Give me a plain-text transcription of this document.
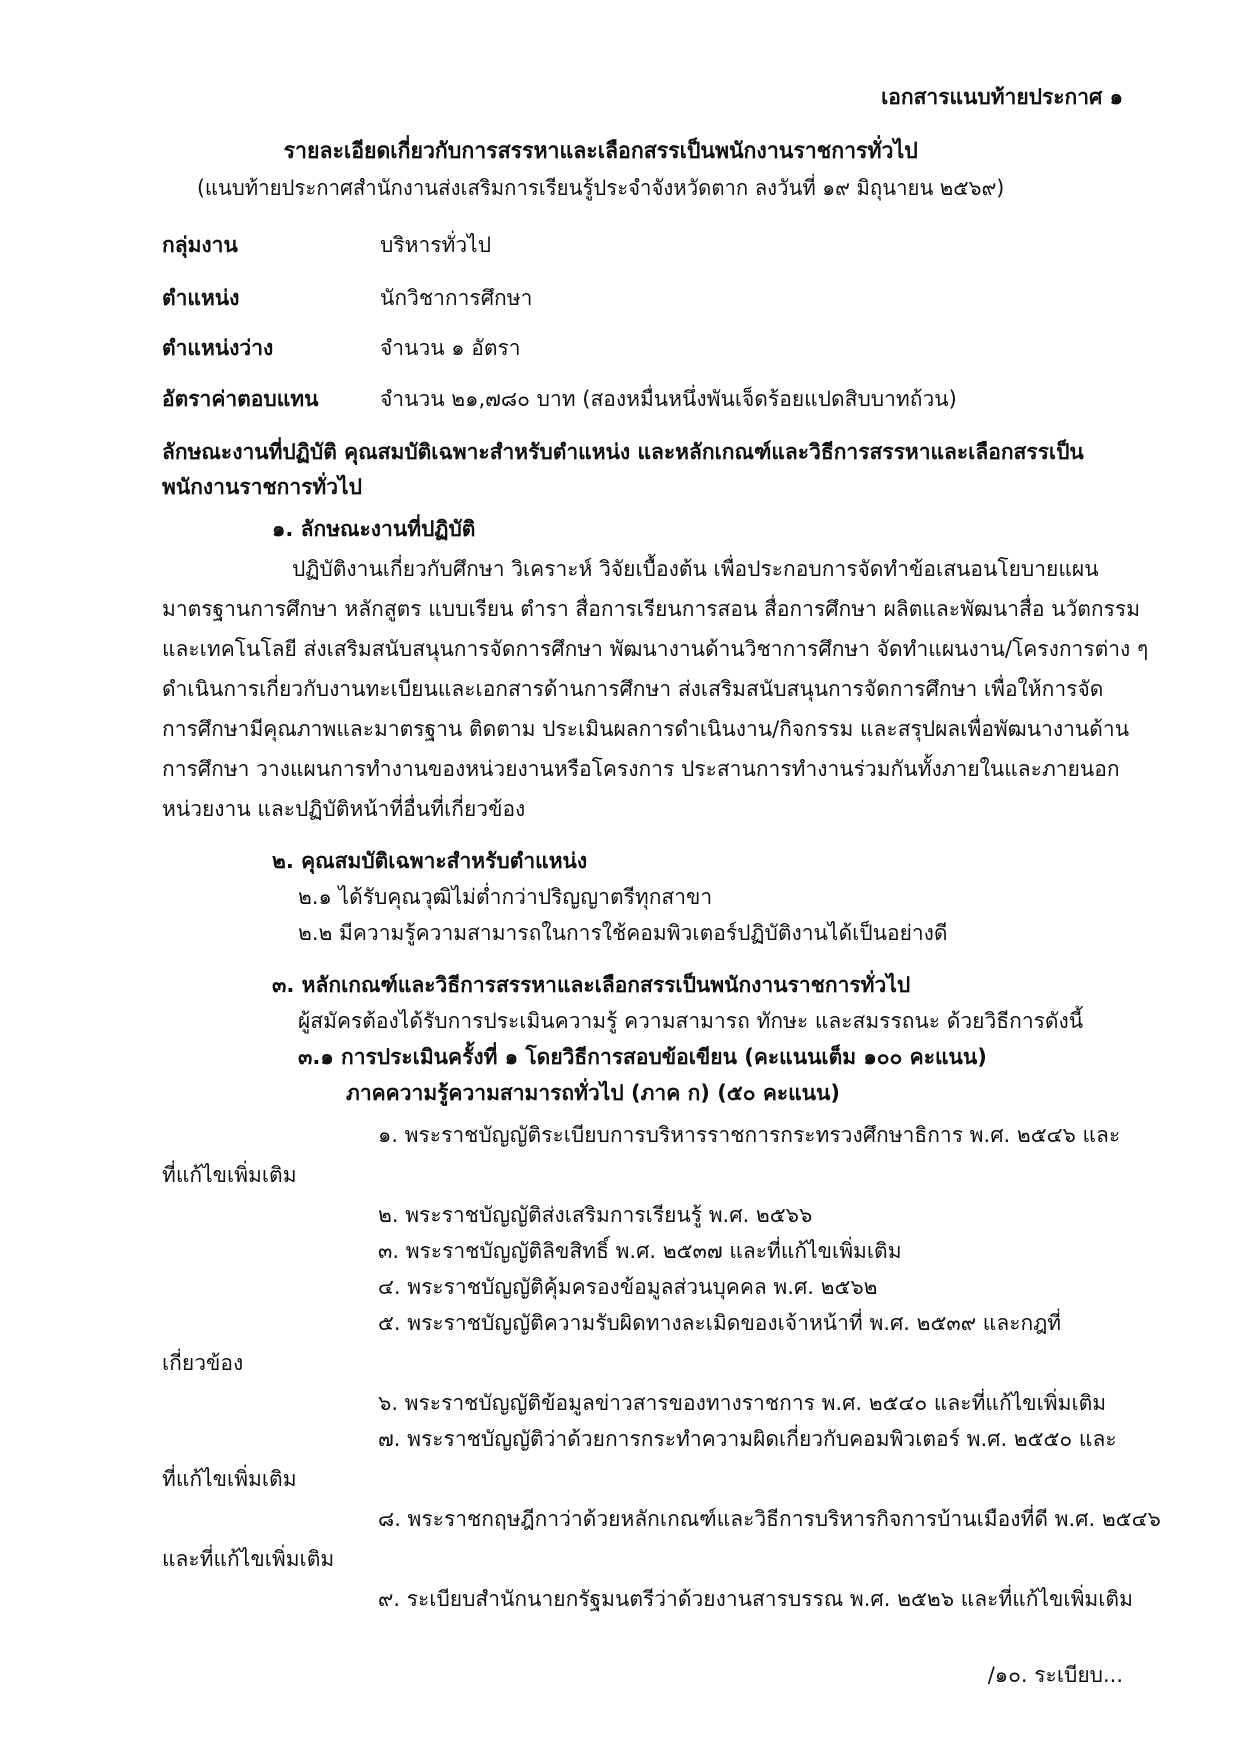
เอกสารแนบท้ายประกาศ ๑
รายละเอียดเกี่ยวกับการสรรหาและเลือกสรรเป็นพนักงานราชการทั่วไป
(แนบท้ายประกาศสำนักงานส่งเสริมการเรียนรู้ประจำจังหวัดตาก ลงวันที่ ๑๙ มิถุนายน ๒๕๖๙)
กลุ่มงาน	บริหารทั่วไป
ตำแหน่ง	นักวิชาการศึกษา
ตำแหน่งว่าง	จำนวน ๑ อัตรา
อัตราค่าตอบแทน	จำนวน ๒๑,๗๘๐ บาท (สองหมื่นหนึ่งพันเจ็ดร้อยแปดสิบบาทถ้วน)
ลักษณะงานที่ปฏิบัติ คุณสมบัติเฉพาะสำหรับตำแหน่ง และหลักเกณฑ์และวิธีการสรรหาและเลือกสรรเป็น
พนักงานราชการทั่วไป
๑. ลักษณะงานที่ปฏิบัติ
ปฏิบัติงานเกี่ยวกับศึกษา วิเคราะห์ วิจัยเบื้องต้น เพื่อประกอบการจัดทำข้อเสนอนโยบายแผน
มาตรฐานการศึกษา หลักสูตร แบบเรียน ตำรา สื่อการเรียนการสอน สื่อการศึกษา ผลิตและพัฒนาสื่อ นวัตกรรม
และเทคโนโลยี ส่งเสริมสนับสนุนการจัดการศึกษา พัฒนางานด้านวิชาการศึกษา จัดทำแผนงาน/โครงการต่าง ๆ
ดำเนินการเกี่ยวกับงานทะเบียนและเอกสารด้านการศึกษา ส่งเสริมสนับสนุนการจัดการศึกษา เพื่อให้การจัด
การศึกษามีคุณภาพและมาตรฐาน ติดตาม ประเมินผลการดำเนินงาน/กิจกรรม และสรุปผลเพื่อพัฒนางานด้าน
การศึกษา วางแผนการทำงานของหน่วยงานหรือโครงการ ประสานการทำงานร่วมกันทั้งภายในและภายนอก
หน่วยงาน และปฏิบัติหน้าที่อื่นที่เกี่ยวข้อง
๒. คุณสมบัติเฉพาะสำหรับตำแหน่ง
๒.๑ ได้รับคุณวุฒิไม่ต่ำกว่าปริญญาตรีทุกสาขา
๒.๒ มีความรู้ความสามารถในการใช้คอมพิวเตอร์ปฏิบัติงานได้เป็นอย่างดี
๓. หลักเกณฑ์และวิธีการสรรหาและเลือกสรรเป็นพนักงานราชการทั่วไป
ผู้สมัครต้องได้รับการประเมินความรู้ ความสามารถ ทักษะ และสมรรถนะ ด้วยวิธีการดังนี้
๓.๑ การประเมินครั้งที่ ๑ โดยวิธีการสอบข้อเขียน (คะแนนเต็ม ๑๐๐ คะแนน)
ภาคความรู้ความสามารถทั่วไป (ภาค ก) (๕๐ คะแนน)
๑. พระราชบัญญัติระเบียบการบริหารราชการกระทรวงศึกษาธิการ พ.ศ. ๒๕๔๖ และ
ที่แก้ไขเพิ่มเติม
๒. พระราชบัญญัติส่งเสริมการเรียนรู้ พ.ศ. ๒๕๖๖
๓. พระราชบัญญัติลิขสิทธิ์ พ.ศ. ๒๕๓๗ และที่แก้ไขเพิ่มเติม
๔. พระราชบัญญัติคุ้มครองข้อมูลส่วนบุคคล พ.ศ. ๒๕๖๒
๕. พระราชบัญญัติความรับผิดทางละเมิดของเจ้าหน้าที่ พ.ศ. ๒๕๓๙ และกฎที่
เกี่ยวข้อง
๖. พระราชบัญญัติข้อมูลข่าวสารของทางราชการ พ.ศ. ๒๕๔๐ และที่แก้ไขเพิ่มเติม
๗. พระราชบัญญัติว่าด้วยการกระทำความผิดเกี่ยวกับคอมพิวเตอร์ พ.ศ. ๒๕๕๐ และ
ที่แก้ไขเพิ่มเติม
๘. พระราชกฤษฎีกาว่าด้วยหลักเกณฑ์และวิธีการบริหารกิจการบ้านเมืองที่ดี พ.ศ. ๒๕๔๖
และที่แก้ไขเพิ่มเติม
๙. ระเบียบสำนักนายกรัฐมนตรีว่าด้วยงานสารบรรณ พ.ศ. ๒๕๒๖ และที่แก้ไขเพิ่มเติม
/๑๐. ระเบียบ...
